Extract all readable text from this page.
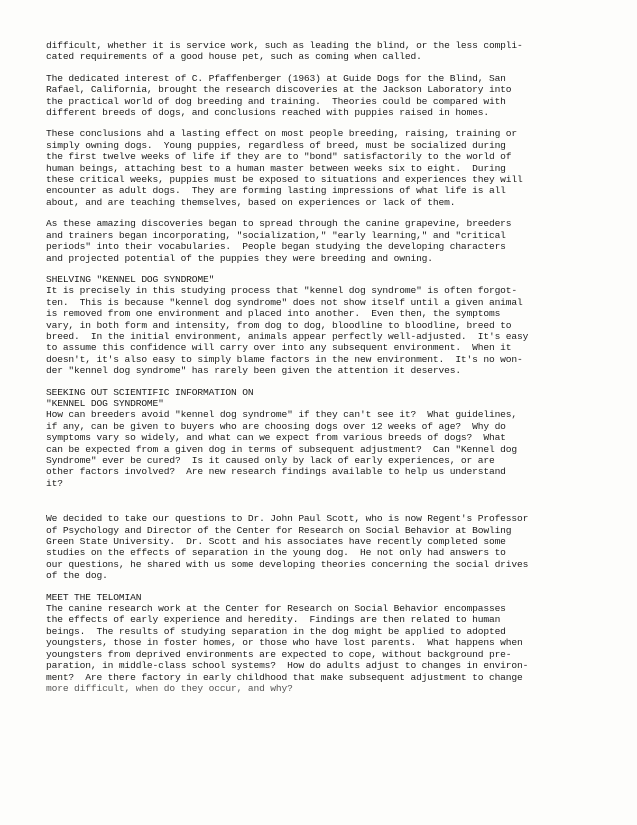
difficult, whether it is service work, such as leading the blind, or the less compli-
cated requirements of a good house pet, such as coming when called.
The dedicated interest of C. Pfaffenberger (1963) at Guide Dogs for the Blind, San
Rafael, California, brought the research discoveries at the Jackson Laboratory into
the practical world of dog breeding and training.  Theories could be compared with
different breeds of dogs, and conclusions reached with puppies raised in homes.
These conclusions ahd a lasting effect on most people breeding, raising, training or
simply owning dogs.  Young puppies, regardless of breed, must be socialized during
the first twelve weeks of life if they are to "bond" satisfactorily to the world of
human beings, attaching best to a human master between weeks six to eight.  During
these critical weeks, puppies must be exposed to situations and experiences they will
encounter as adult dogs.  They are forming lasting impressions of what life is all
about, and are teaching themselves, based on experiences or lack of them.
As these amazing discoveries began to spread through the canine grapevine, breeders
and trainers began incorporating, "socialization," "early learning," and "critical
periods" into their vocabularies.  People began studying the developing characters
and projected potential of the puppies they were breeding and owning.
SHELVING "KENNEL DOG SYNDROME"
It is precisely in this studying process that "kennel dog syndrome" is often forgot-
ten.  This is because "kennel dog syndrome" does not show itself until a given animal
is removed from one environment and placed into another.  Even then, the symptoms
vary, in both form and intensity, from dog to dog, bloodline to bloodline, breed to
breed.  In the initial environment, animals appear perfectly well-adjusted.  It's easy
to assume this confidence will carry over into any subsequent environment.  When it
doesn't, it's also easy to simply blame factors in the new environment.  It's no won-
der "kennel dog syndrome" has rarely been given the attention it deserves.
SEEKING OUT SCIENTIFIC INFORMATION ON
"KENNEL DOG SYNDROME"
How can breeders avoid "kennel dog syndrome" if they can't see it?  What guidelines,
if any, can be given to buyers who are choosing dogs over 12 weeks of age?  Why do
symptoms vary so widely, and what can we expect from various breeds of dogs?  What
can be expected from a given dog in terms of subsequent adjustment?  Can "Kennel dog
Syndrome" ever be cured?  Is it caused only by lack of early experiences, or are
other factors involved?  Are new research findings available to help us understand
it?
We decided to take our questions to Dr. John Paul Scott, who is now Regent's Professor
of Psychology and Director of the Center for Research on Social Behavior at Bowling
Green State University.  Dr. Scott and his associates have recently completed some
studies on the effects of separation in the young dog.  He not only had answers to
our questions, he shared with us some developing theories concerning the social drives
of the dog.
MEET THE TELOMIAN
The canine research work at the Center for Research on Social Behavior encompasses
the effects of early experience and heredity.  Findings are then related to human
beings.  The results of studying separation in the dog might be applied to adopted
youngsters, those in foster homes, or those who have lost parents.  What happens when
youngsters from deprived environments are expected to cope, without background pre-
paration, in middle-class school systems?  How do adults adjust to changes in environ-
ment?  Are there factory in early childhood that make subsequent adjustment to change
more difficult, when do they occur, and why?
